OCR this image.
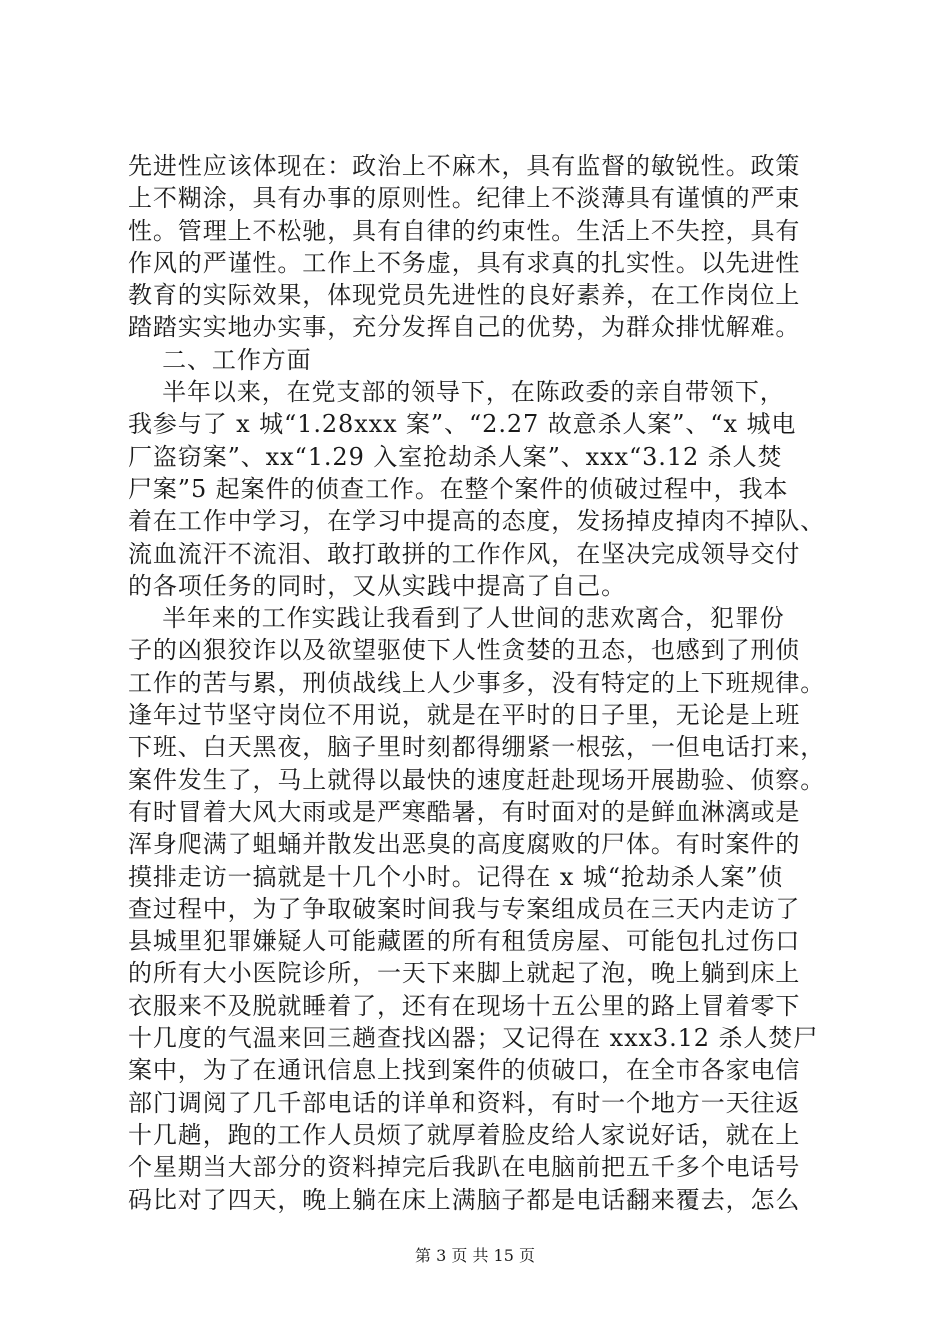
先进性应该体现在：政治上不麻木，具有监督的敏锐性。政策
上不糊涂，具有办事的原则性。纪律上不淡薄具有谨慎的严束
性。管理上不松驰，具有自律的约束性。生活上不失控，具有
作风的严谨性。工作上不务虚，具有求真的扎实性。以先进性
教育的实际效果，体现党员先进性的良好素养，在工作岗位上
踏踏实实地办实事，充分发挥自己的优势，为群众排忧解难。
二、工作方面
半年以来，在党支部的领导下，在陈政委的亲自带领下，
我参与了 x 城“1.28xxx 案”、“2.27 故意杀人案”、“x 城电
厂盗窃案”、xx“1.29 入室抢劫杀人案”、xxx“3.12 杀人焚
尸案”5 起案件的侦查工作。在整个案件的侦破过程中，我本
着在工作中学习，在学习中提高的态度，发扬掉皮掉肉不掉队、
流血流汗不流泪、敢打敢拼的工作作风，在坚决完成领导交付
的各项任务的同时，又从实践中提高了自己。
半年来的工作实践让我看到了人世间的悲欢离合，犯罪份
子的凶狠狡诈以及欲望驱使下人性贪婪的丑态，也感到了刑侦
工作的苦与累，刑侦战线上人少事多，没有特定的上下班规律。
逢年过节坚守岗位不用说，就是在平时的日子里，无论是上班
下班、白天黑夜，脑子里时刻都得绷紧一根弦，一但电话打来，
案件发生了，马上就得以最快的速度赶赴现场开展勘验、侦察。
有时冒着大风大雨或是严寒酷暑，有时面对的是鲜血淋漓或是
浑身爬满了蛆蛹并散发出恶臭的高度腐败的尸体。有时案件的
摸排走访一搞就是十几个小时。记得在 x 城“抢劫杀人案”侦
查过程中，为了争取破案时间我与专案组成员在三天内走访了
县城里犯罪嫌疑人可能藏匿的所有租赁房屋、可能包扎过伤口
的所有大小医院诊所，一天下来脚上就起了泡，晚上躺到床上
衣服来不及脱就睡着了，还有在现场十五公里的路上冒着零下
十几度的气温来回三趟查找凶器；又记得在 xxx3.12 杀人焚尸
案中，为了在通讯信息上找到案件的侦破口，在全市各家电信
部门调阅了几千部电话的详单和资料，有时一个地方一天往返
十几趟，跑的工作人员烦了就厚着脸皮给人家说好话，就在上
个星期当大部分的资料掉完后我趴在电脑前把五千多个电话号
码比对了四天，晚上躺在床上满脑子都是电话翻来覆去，怎么
第 3 页 共 15 页
